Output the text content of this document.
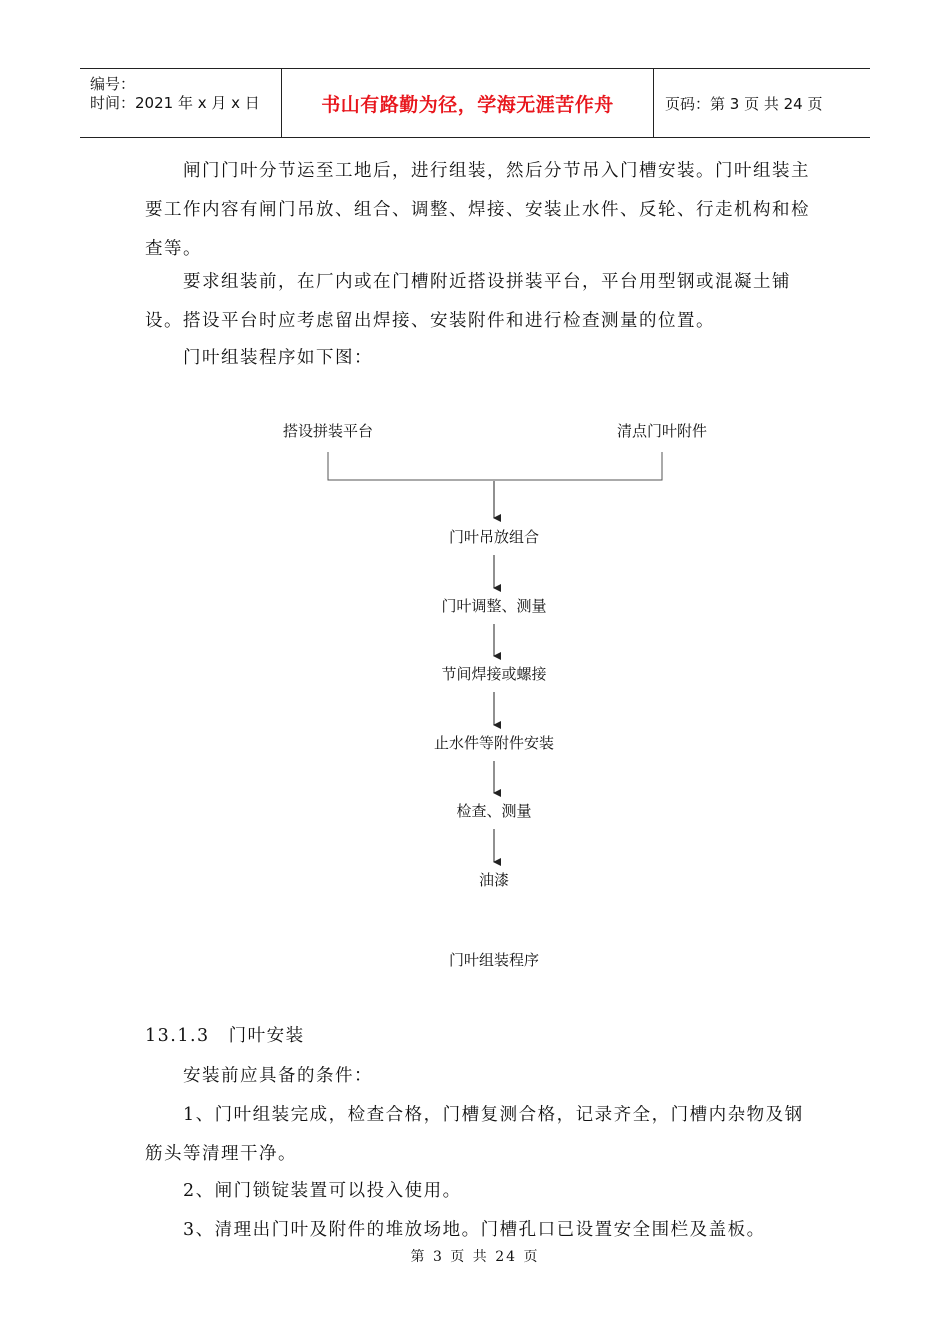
编号：
时间：2021 年 x 月 x 日	书山有路勤为径，学海无涯苦作舟	页码：第 3 页 共 24 页

闸门门叶分节运至工地后，进行组装，然后分节吊入门槽安装。门叶组装主要工作内容有闸门吊放、组合、调整、焊接、安装止水件、反轮、行走机构和检查等。

要求组装前，在厂内或在门槽附近搭设拼装平台，平台用型钢或混凝土铺设。搭设平台时应考虑留出焊接、安装附件和进行检查测量的位置。

门叶组装程序如下图：

搭设拼装平台	清点门叶附件
门叶吊放组合
门叶调整、测量
节间焊接或螺接
止水件等附件安装
检查、测量
油漆
门叶组装程序
13.1.3　门叶安装

安装前应具备的条件：

1、门叶组装完成，检查合格，门槽复测合格，记录齐全，门槽内杂物及钢筋头等清理干净。

2、闸门锁锭装置可以投入使用。

3、清理出门叶及附件的堆放场地。门槽孔口已设置安全围栏及盖板。

第 3 页 共 24 页
